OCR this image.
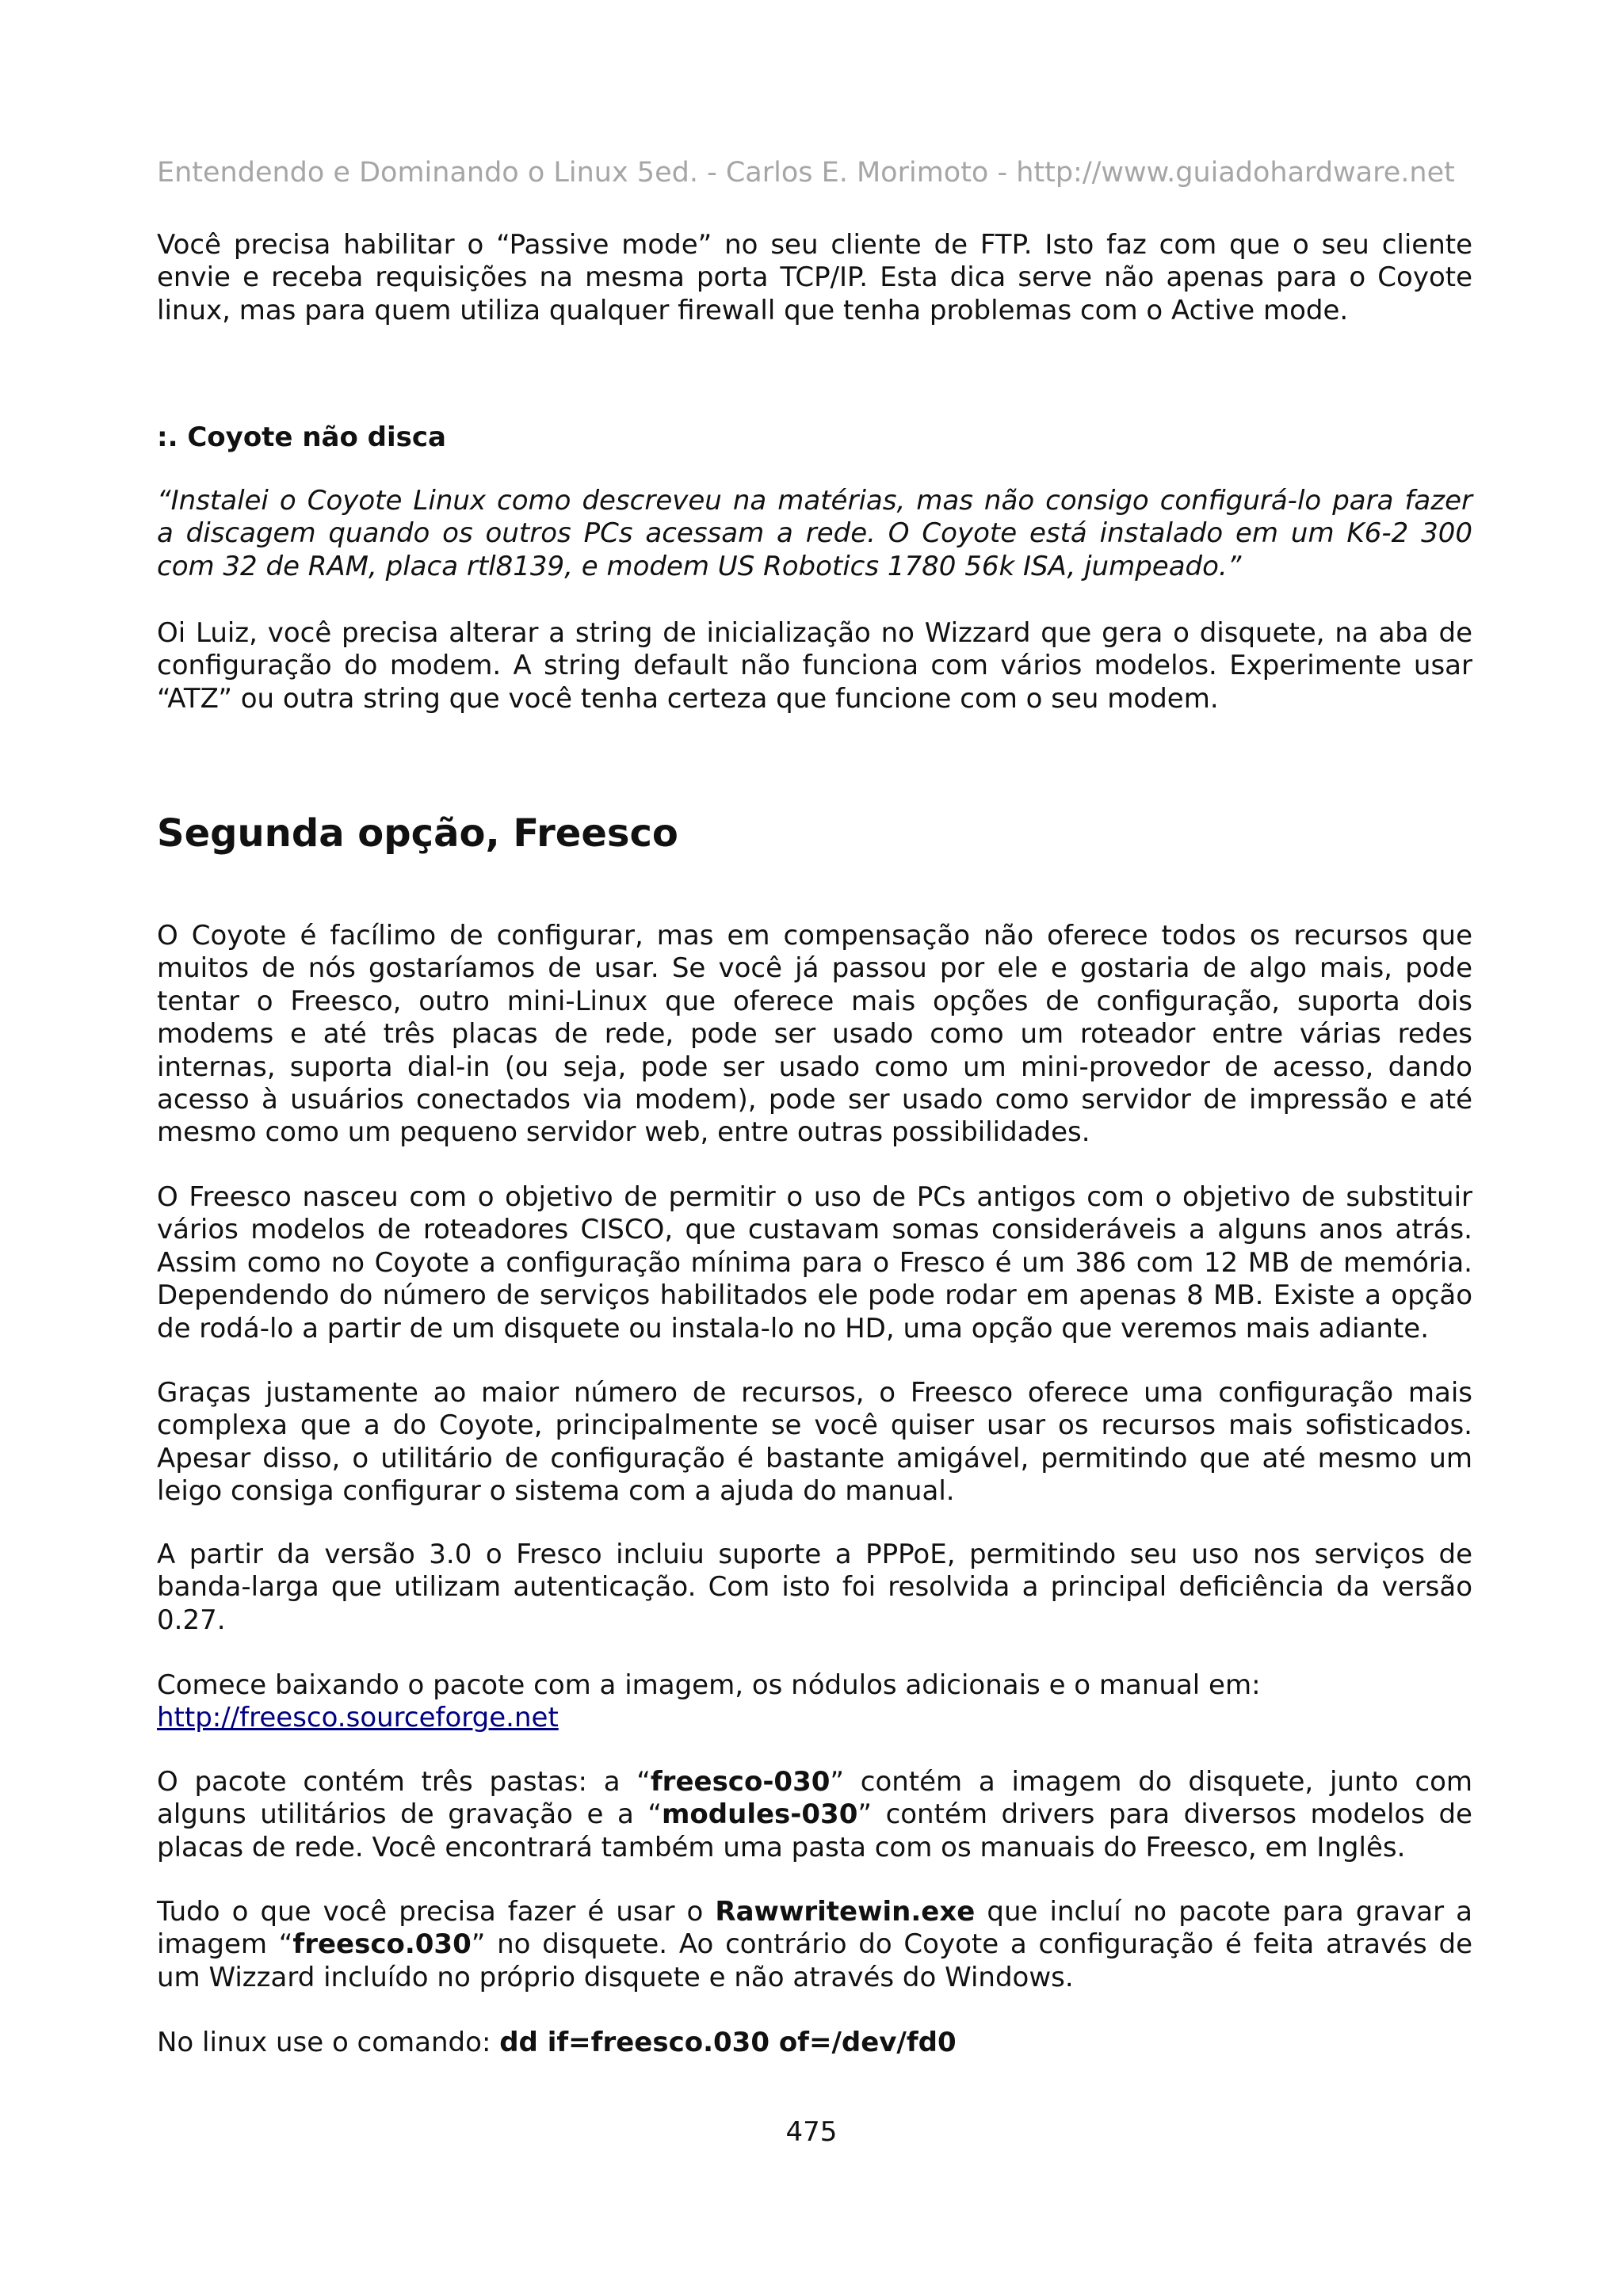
Entendendo e Dominando o Linux 5ed. - Carlos E. Morimoto - http://www.guiadohardware.net
Você precisa habilitar o “Passive mode” no seu cliente de FTP. Isto faz com que o seu cliente
envie e receba requisições na mesma porta TCP/IP. Esta dica serve não apenas para o Coyote
linux, mas para quem utiliza qualquer firewall que tenha problemas com o Active mode.
:. Coyote não disca
“Instalei o Coyote Linux como descreveu na matérias, mas não consigo configurá-lo para fazer
a discagem quando os outros PCs acessam a rede. O Coyote está instalado em um K6-2 300
com 32 de RAM, placa rtl8139, e modem US Robotics 1780 56k ISA, jumpeado.”
Oi Luiz, você precisa alterar a string de inicialização no Wizzard que gera o disquete, na aba de
configuração do modem. A string default não funciona com vários modelos. Experimente usar
“ATZ” ou outra string que você tenha certeza que funcione com o seu modem.
Segunda opção, Freesco
O Coyote é facílimo de configurar, mas em compensação não oferece todos os recursos que
muitos de nós gostaríamos de usar. Se você já passou por ele e gostaria de algo mais, pode
tentar o Freesco, outro mini-Linux que oferece mais opções de configuração, suporta dois
modems e até três placas de rede, pode ser usado como um roteador entre várias redes
internas, suporta dial-in (ou seja, pode ser usado como um mini-provedor de acesso, dando
acesso à usuários conectados via modem), pode ser usado como servidor de impressão e até
mesmo como um pequeno servidor web, entre outras possibilidades.
O Freesco nasceu com o objetivo de permitir o uso de PCs antigos com o objetivo de substituir
vários modelos de roteadores CISCO, que custavam somas consideráveis a alguns anos atrás.
Assim como no Coyote a configuração mínima para o Fresco é um 386 com 12 MB de memória.
Dependendo do número de serviços habilitados ele pode rodar em apenas 8 MB. Existe a opção
de rodá-lo a partir de um disquete ou instala-lo no HD, uma opção que veremos mais adiante.
Graças justamente ao maior número de recursos, o Freesco oferece uma configuração mais
complexa que a do Coyote, principalmente se você quiser usar os recursos mais sofisticados.
Apesar disso, o utilitário de configuração é bastante amigável, permitindo que até mesmo um
leigo consiga configurar o sistema com a ajuda do manual.
A partir da versão 3.0 o Fresco incluiu suporte a PPPoE, permitindo seu uso nos serviços de
banda-larga que utilizam autenticação. Com isto foi resolvida a principal deficiência da versão
0.27.
Comece baixando o pacote com a imagem, os nódulos adicionais e o manual em:
http://freesco.sourceforge.net
O pacote contém três pastas: a “freesco-030” contém a imagem do disquete, junto com
alguns utilitários de gravação e a “modules-030” contém drivers para diversos modelos de
placas de rede. Você encontrará também uma pasta com os manuais do Freesco, em Inglês.
Tudo o que você precisa fazer é usar o Rawwritewin.exe que incluí no pacote para gravar a
imagem “freesco.030” no disquete. Ao contrário do Coyote a configuração é feita através de
um Wizzard incluído no próprio disquete e não através do Windows.
No linux use o comando: dd if=freesco.030 of=/dev/fd0
475
